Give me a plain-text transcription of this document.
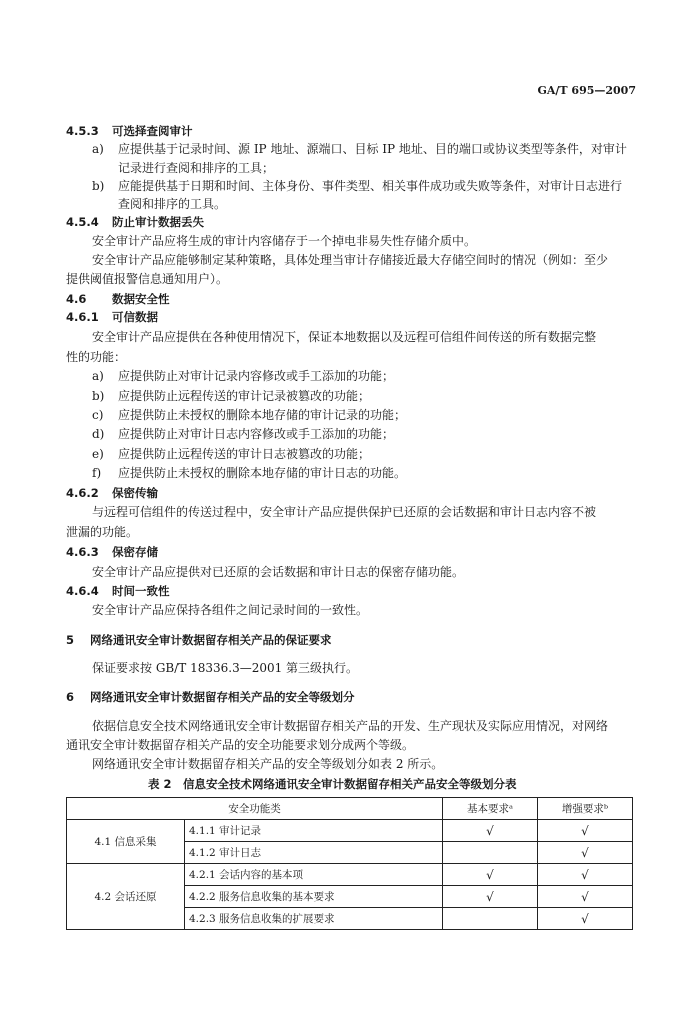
GA/T 695—2007
4.5.3 可选择查阅审计
a) 应提供基于记录时间、源 IP 地址、源端口、目标 IP 地址、目的端口或协议类型等条件，对审计
记录进行查阅和排序的工具；
b) 应能提供基于日期和时间、主体身份、事件类型、相关事件成功或失败等条件，对审计日志进行
查阅和排序的工具。
4.5.4 防止审计数据丢失
安全审计产品应将生成的审计内容储存于一个掉电非易失性存储介质中。
安全审计产品应能够制定某种策略，具体处理当审计存储接近最大存储空间时的情况（例如：至少
提供阈值报警信息通知用户）。
4.6 数据安全性
4.6.1 可信数据
安全审计产品应提供在各种使用情况下，保证本地数据以及远程可信组件间传送的所有数据完整
性的功能：
a) 应提供防止对审计记录内容修改或手工添加的功能；
b) 应提供防止远程传送的审计记录被篡改的功能；
c) 应提供防止未授权的删除本地存储的审计记录的功能；
d) 应提供防止对审计日志内容修改或手工添加的功能；
e) 应提供防止远程传送的审计日志被篡改的功能；
f) 应提供防止未授权的删除本地存储的审计日志的功能。
4.6.2 保密传输
与远程可信组件的传送过程中，安全审计产品应提供保护已还原的会话数据和审计日志内容不被
泄漏的功能。
4.6.3 保密存储
安全审计产品应提供对已还原的会话数据和审计日志的保密存储功能。
4.6.4 时间一致性
安全审计产品应保持各组件之间记录时间的一致性。
5 网络通讯安全审计数据留存相关产品的保证要求
保证要求按 GB/T 18336.3—2001 第三级执行。
6 网络通讯安全审计数据留存相关产品的安全等级划分
依据信息安全技术网络通讯安全审计数据留存相关产品的开发、生产现状及实际应用情况，对网络
通讯安全审计数据留存相关产品的安全功能要求划分成两个等级。
网络通讯安全审计数据留存相关产品的安全等级划分如表 2 所示。
表 2　信息安全技术网络通讯安全审计数据留存相关产品安全等级划分表
安全功能类		基本要求ᵃ	增强要求ᵇ
4.1 信息采集	4.1.1 审计记录	√	√
	4.1.2 审计日志		√
4.2 会话还原	4.2.1 会话内容的基本项	√	√
	4.2.2 服务信息收集的基本要求	√	√
	4.2.3 服务信息收集的扩展要求		√
